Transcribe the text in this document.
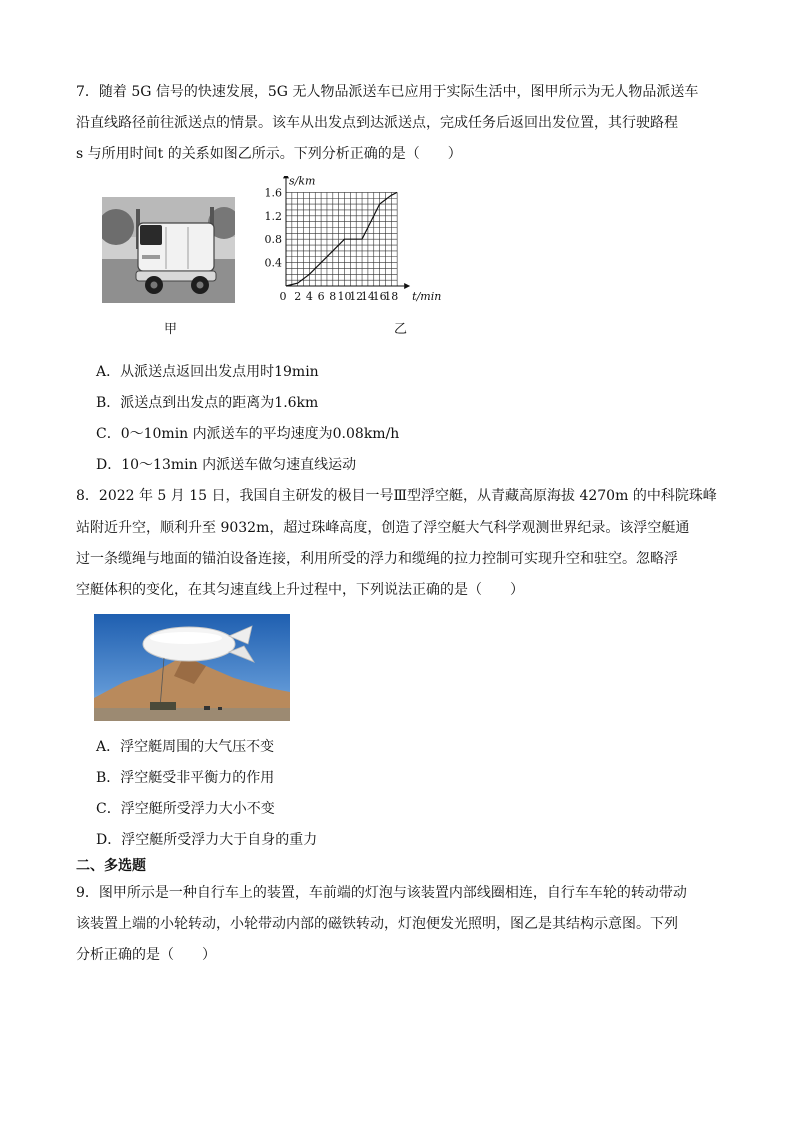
7．随着 5G 信号的快速发展，5G 无人物品派送车已应用于实际生活中，图甲所示为无人物品派送车
沿直线路径前往派送点的情景。该车从出发点到达派送点，完成任务后返回出发位置，其行驶路程
s 与所用时间t 的关系如图乙所示。下列分析正确的是（　　）
0 2 4 6 8 10
12
14
16
18
0.4
0.8
1.2
1.6
t/min
s/km
甲	乙
A．从派送点返回出发点用时19min
B．派送点到出发点的距离为1.6km
C．0～10min 内派送车的平均速度为0.08km/h
D．10～13min 内派送车做匀速直线运动
8．2022 年 5 月 15 日，我国自主研发的极目一号Ⅲ型浮空艇，从青藏高原海拔 4270m 的中科院珠峰
站附近升空，顺利升至 9032m，超过珠峰高度，创造了浮空艇大气科学观测世界纪录。该浮空艇通
过一条缆绳与地面的锚泊设备连接，利用所受的浮力和缆绳的拉力控制可实现升空和驻空。忽略浮
空艇体积的变化，在其匀速直线上升过程中，下列说法正确的是（　　）
A．浮空艇周围的大气压不变
B．浮空艇受非平衡力的作用
C．浮空艇所受浮力大小不变
D．浮空艇所受浮力大于自身的重力
二、多选题
9．图甲所示是一种自行车上的装置，车前端的灯泡与该装置内部线圈相连，自行车车轮的转动带动
该装置上端的小轮转动，小轮带动内部的磁铁转动，灯泡便发光照明，图乙是其结构示意图。下列
分析正确的是（　　）
